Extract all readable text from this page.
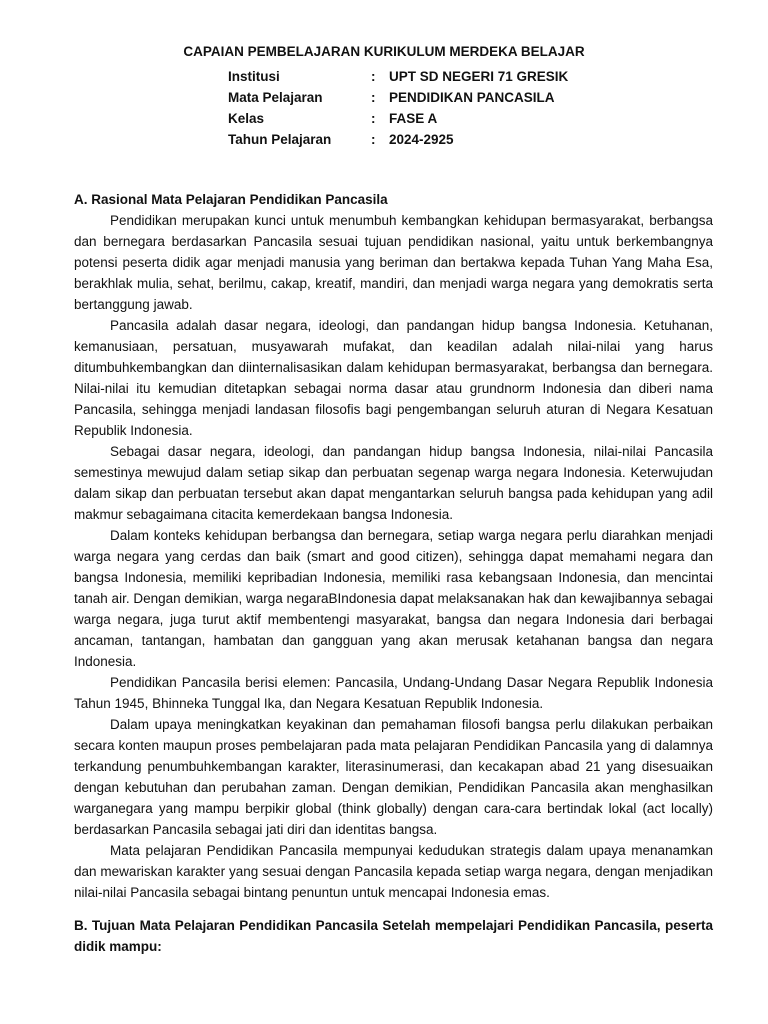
CAPAIAN PEMBELAJARAN KURIKULUM MERDEKA BELAJAR
Institusi	: UPT SD NEGERI 71 GRESIK
Mata Pelajaran	: PENDIDIKAN PANCASILA
Kelas	: FASE A
Tahun Pelajaran	: 2024-2925

A. Rasional Mata Pelajaran Pendidikan Pancasila

Pendidikan merupakan kunci untuk menumbuh kembangkan kehidupan bermasyarakat, berbangsa dan bernegara berdasarkan Pancasila sesuai tujuan pendidikan nasional, yaitu untuk berkembangnya potensi peserta didik agar menjadi manusia yang beriman dan bertakwa kepada Tuhan Yang Maha Esa, berakhlak mulia, sehat, berilmu, cakap, kreatif, mandiri, dan menjadi warga negara yang demokratis serta bertanggung jawab.

Pancasila adalah dasar negara, ideologi, dan pandangan hidup bangsa Indonesia. Ketuhanan, kemanusiaan, persatuan, musyawarah mufakat, dan keadilan adalah nilai-nilai yang harus ditumbuhkembangkan dan diinternalisasikan dalam kehidupan bermasyarakat, berbangsa dan bernegara. Nilai-nilai itu kemudian ditetapkan sebagai norma dasar atau grundnorm Indonesia dan diberi nama Pancasila, sehingga menjadi landasan filosofis bagi pengembangan seluruh aturan di Negara Kesatuan Republik Indonesia.

Sebagai dasar negara, ideologi, dan pandangan hidup bangsa Indonesia, nilai-nilai Pancasila semestinya mewujud dalam setiap sikap dan perbuatan segenap warga negara Indonesia. Keterwujudan dalam sikap dan perbuatan tersebut akan dapat mengantarkan seluruh bangsa pada kehidupan yang adil makmur sebagaimana citacita kemerdekaan bangsa Indonesia.

Dalam konteks kehidupan berbangsa dan bernegara, setiap warga negara perlu diarahkan menjadi warga negara yang cerdas dan baik (smart and good citizen), sehingga dapat memahami negara dan bangsa Indonesia, memiliki kepribadian Indonesia, memiliki rasa kebangsaan Indonesia, dan mencintai tanah air. Dengan demikian, warga negaraBIndonesia dapat melaksanakan hak dan kewajibannya sebagai warga negara, juga turut aktif membentengi masyarakat, bangsa dan negara Indonesia dari berbagai ancaman, tantangan, hambatan dan gangguan yang akan merusak ketahanan bangsa dan negara Indonesia.

Pendidikan Pancasila berisi elemen: Pancasila, Undang-Undang Dasar Negara Republik Indonesia Tahun 1945, Bhinneka Tunggal Ika, dan Negara Kesatuan Republik Indonesia.

Dalam upaya meningkatkan keyakinan dan pemahaman filosofi bangsa perlu dilakukan perbaikan secara konten maupun proses pembelajaran pada mata pelajaran Pendidikan Pancasila yang di dalamnya terkandung penumbuhkembangan karakter, literasinumerasi, dan kecakapan abad 21 yang disesuaikan dengan kebutuhan dan perubahan zaman. Dengan demikian, Pendidikan Pancasila akan menghasilkan warganegara yang mampu berpikir global (think globally) dengan cara-cara bertindak lokal (act locally) berdasarkan Pancasila sebagai jati diri dan identitas bangsa.

Mata pelajaran Pendidikan Pancasila mempunyai kedudukan strategis dalam upaya menanamkan dan mewariskan karakter yang sesuai dengan Pancasila kepada setiap warga negara, dengan menjadikan nilai-nilai Pancasila sebagai bintang penuntun untuk mencapai Indonesia emas.

B. Tujuan Mata Pelajaran Pendidikan Pancasila Setelah mempelajari Pendidikan Pancasila, peserta didik mampu:
